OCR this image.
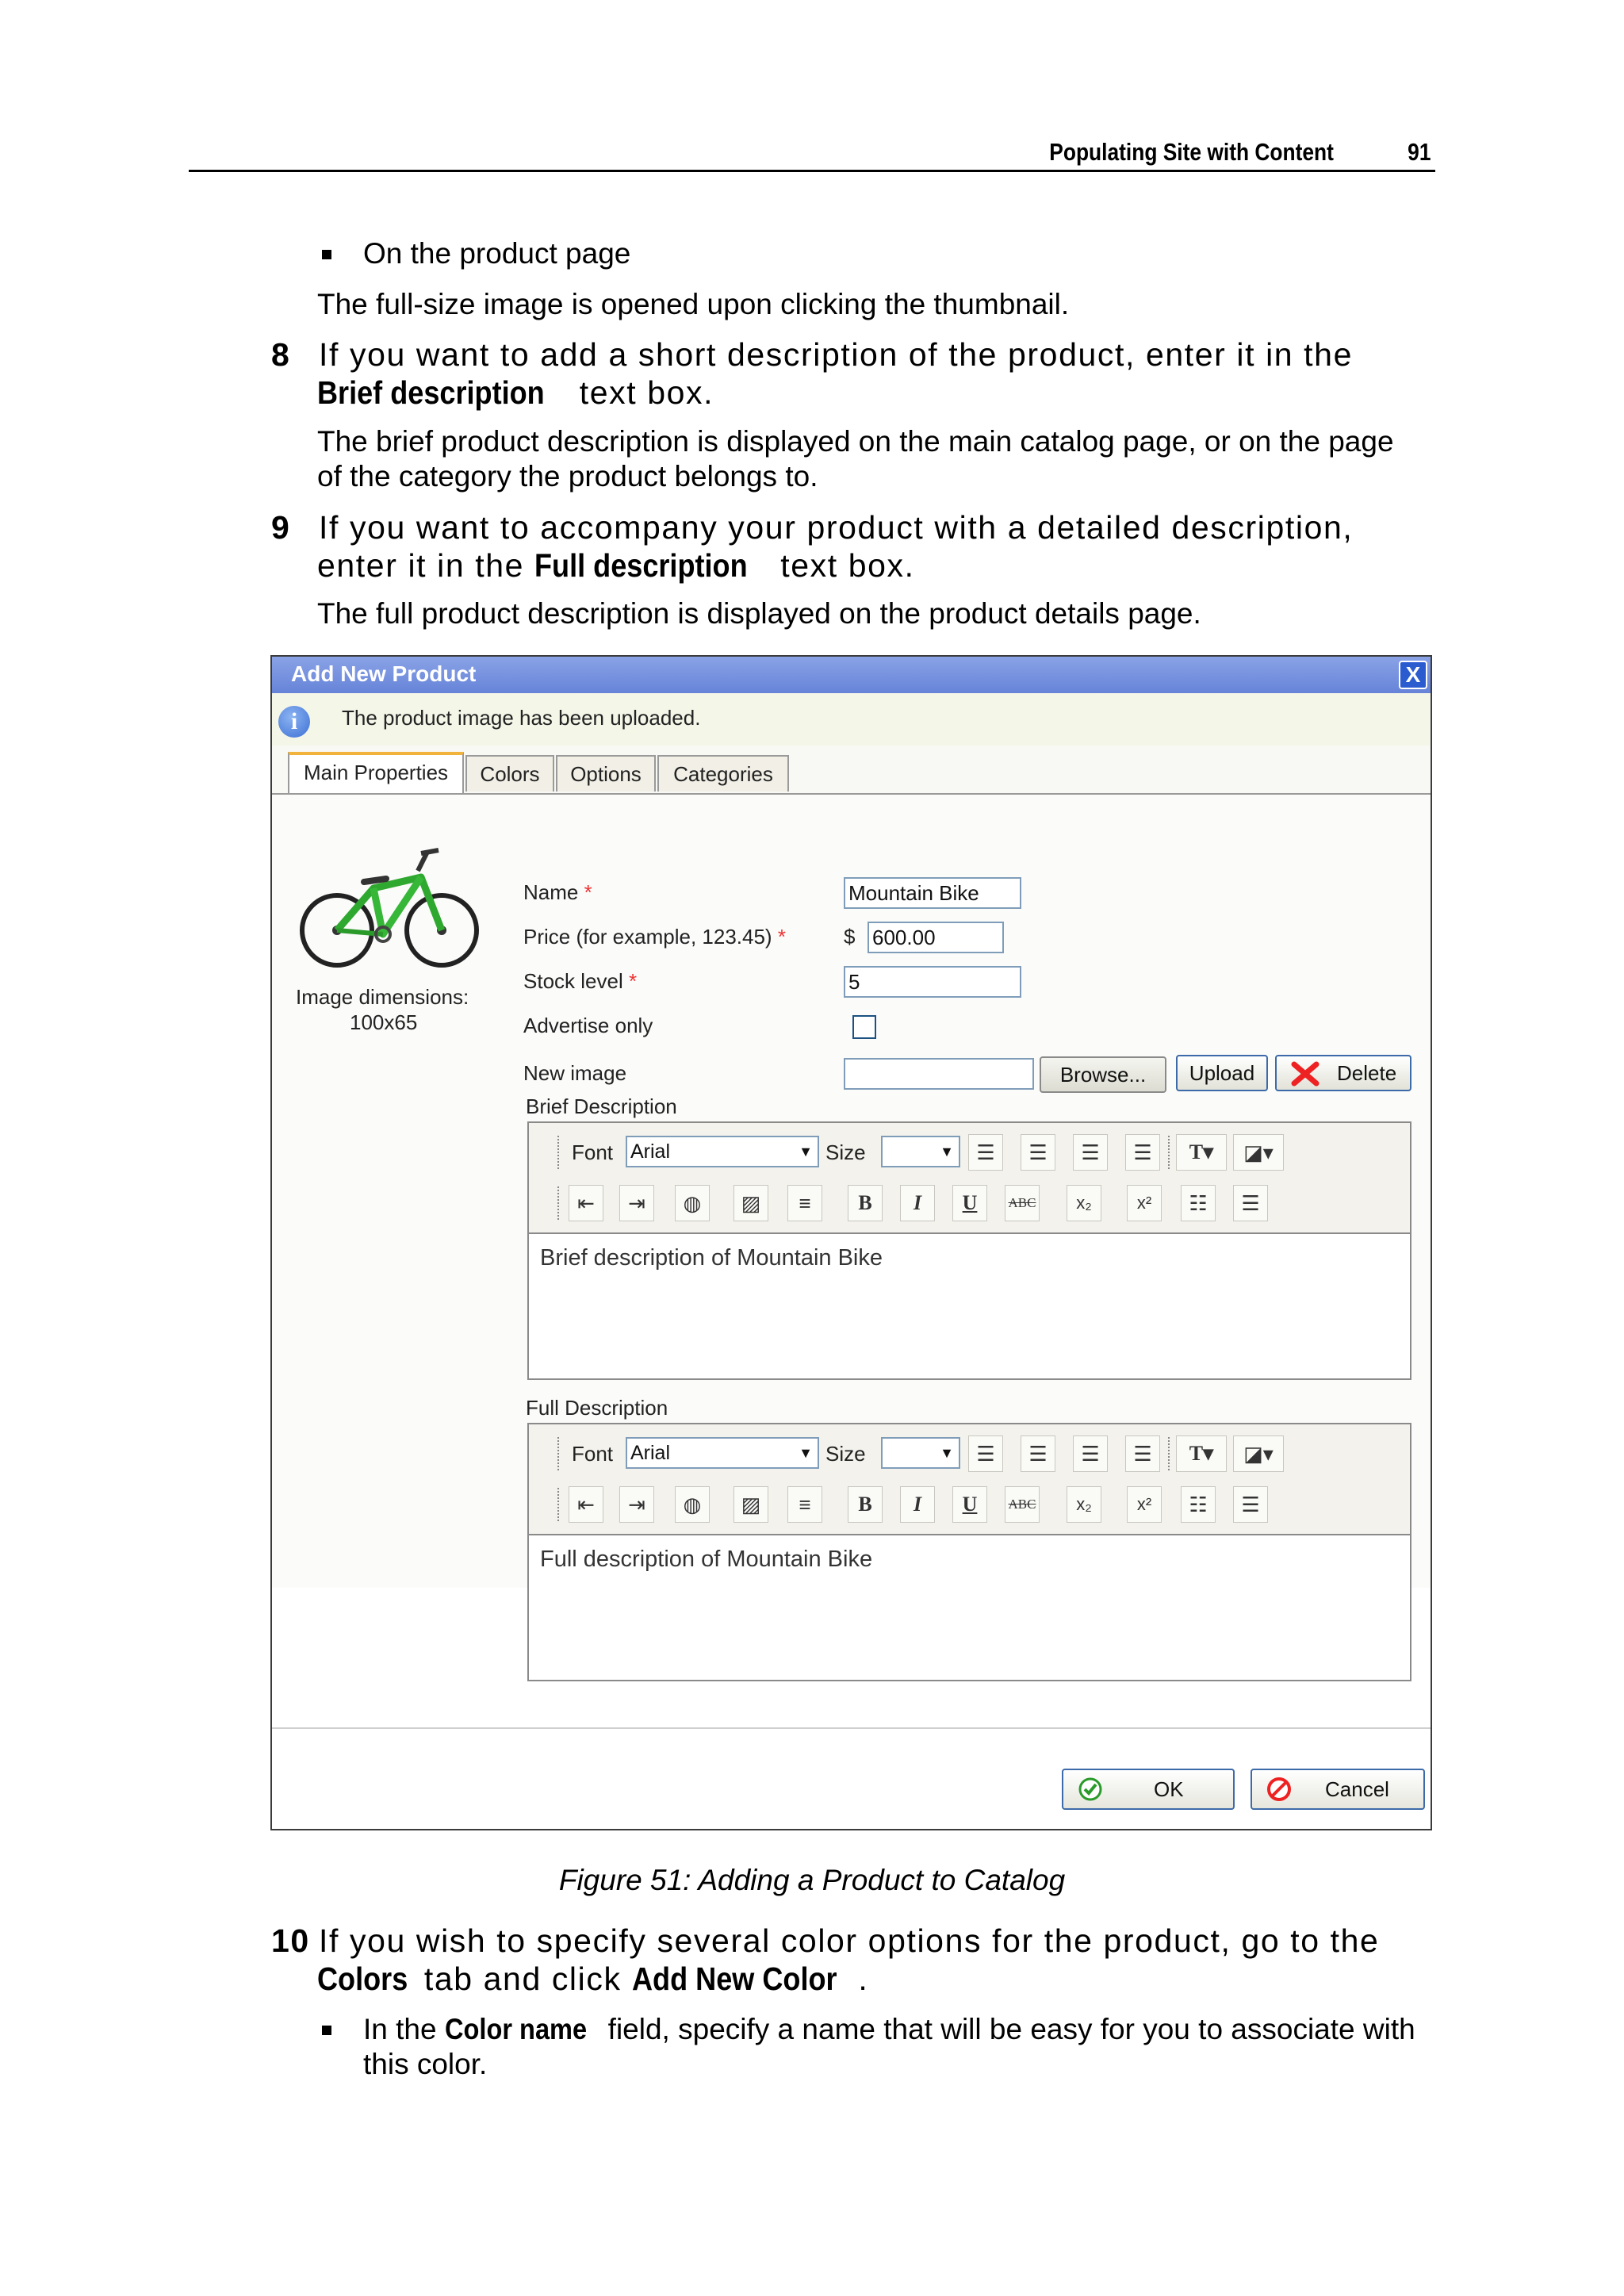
Populating Site with Content	91
On the product page
The full-size image is opened upon clicking the thumbnail.
8 If you want to add a short description of the product, enter it in the
Brief description text box.
The brief product description is displayed on the main catalog page, or on the page
of the category the product belongs to.
9 If you want to accompany your product with a detailed description,
enter it in the Full description text box.
The full product description is displayed on the product details page.
Add New Product	X
i	The product image has been uploaded.
Main Properties	Colors	Options	Categories
Image dimensions:
100x65
Name *
Price (for example, 123.45) *
Stock level *
Advertise only
New image
Mountain Bike
$ 600.00
5
Browse...	Upload	Delete
Brief Description
Font Arial	▼ Size	▼	☰	☰	☰	☰	T▾	◪▾
⇤	⇥	◍	▨	≡	B	I	U	ABC	x₂	x²	☷	☰
Brief description of Mountain Bike
Full Description
Font Arial	▼ Size	▼	☰	☰	☰	☰	T▾	◪▾
⇤	⇥	◍	▨	≡	B	I	U	ABC	x₂	x²	☷	☰
Full description of Mountain Bike
OK	Cancel
Figure 51: Adding a Product to Catalog
10 If you wish to specify several color options for the product, go to the
Colors tab and click Add New Color .
In the Color name field, specify a name that will be easy for you to associate with
this color.
